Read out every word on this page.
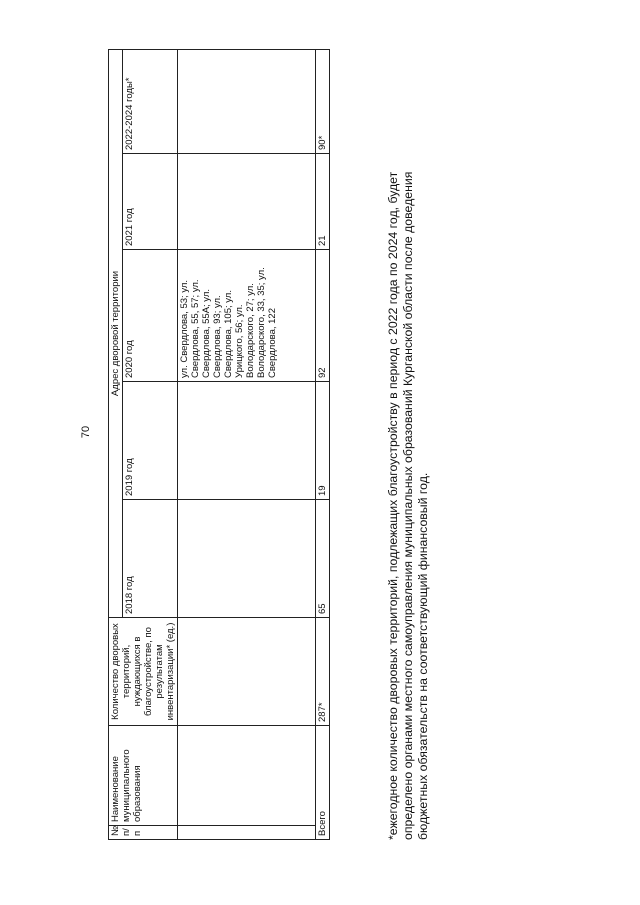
70
№ п/п	Наименование муниципального образования	Количество дворовых территорий, нуждающихся в благоустройстве, по результатам инвентаризации* (ед.)	Адрес дворовой территории				
			2018 год	2019 год	2020 год	2021 год	2022-2024 годы*
					ул. Свердлова, 53; ул. Свердлова, 55, 57; ул. Свердлова, 55А; ул. Свердлова, 93; ул. Свердлова, 105; ул. Урицкого, 56; ул. Володарского, 27; ул. Володарского, 33, 35; ул. Свердлова, 122		
Всего		287*	65	19	92	21	90*
*ежегодное количество дворовых территорий, подлежащих благоустройству в период с 2022 года по 2024 год, будет определено органами местного самоуправления муниципальных образований Курганской области после доведения бюджетных обязательств на соответствующий финансовый год.
